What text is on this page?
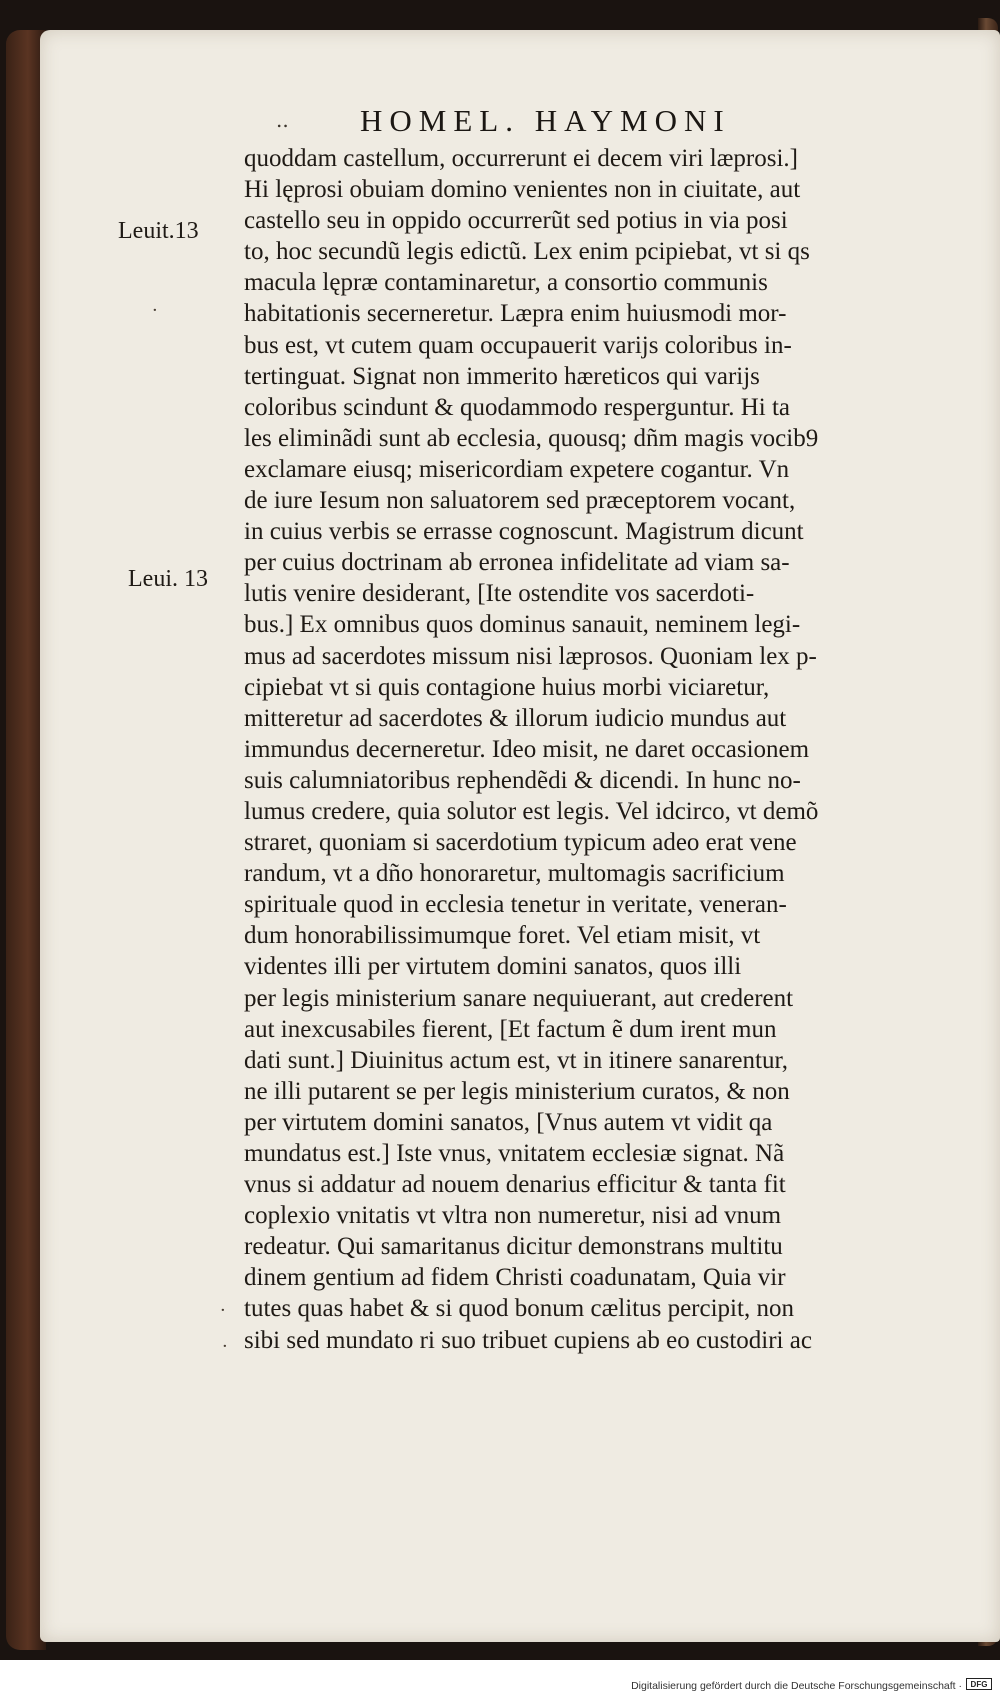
.. HOMEL. HAYMONI
Leuit.13
Leui. 13
·
·
·
quoddam castellum, occurrerunt ei decem viri læprosi.]
Hi lęprosi obuiam domino venientes non in ciuitate, aut
castello seu in oppido occurrerũt sed potius in via posi
to, hoc secundũ legis edictũ. Lex enim pcipiebat, vt si qs
macula lępræ contaminaretur, a consortio communis
habitationis secerneretur. Læpra enim huiusmodi mor-
bus est, vt cutem quam occupauerit varijs coloribus in-
tertinguat. Signat non immerito hæreticos qui varijs
coloribus scindunt & quodammodo resperguntur. Hi ta
les eliminãdi sunt ab ecclesia, quousq; dñm magis vocib9
exclamare eiusq; misericordiam expetere cogantur. Vn
de iure Iesum non saluatorem sed præceptorem vocant,
in cuius verbis se errasse cognoscunt. Magistrum dicunt
per cuius doctrinam ab erronea infidelitate ad viam sa-
lutis venire desiderant, [Ite ostendite vos sacerdoti-
bus.] Ex omnibus quos dominus sanauit, neminem legi-
mus ad sacerdotes missum nisi læprosos. Quoniam lex p-
cipiebat vt si quis contagione huius morbi viciaretur,
mitteretur ad sacerdotes & illorum iudicio mundus aut
immundus decerneretur. Ideo misit, ne daret occasionem
suis calumniatoribus rephendẽdi & dicendi. In hunc no-
lumus credere, quia solutor est legis. Vel idcirco, vt demõ
straret, quoniam si sacerdotium typicum adeo erat vene
randum, vt a dño honoraretur, multomagis sacrificium
spirituale quod in ecclesia tenetur in veritate, veneran-
dum honorabilissimumque foret. Vel etiam misit, vt
videntes illi per virtutem domini sanatos, quos illi
per legis ministerium sanare nequiuerant, aut crederent
aut inexcusabiles fierent, [Et factum ẽ dum irent mun
dati sunt.] Diuinitus actum est, vt in itinere sanarentur,
ne illi putarent se per legis ministerium curatos, & non
per virtutem domini sanatos, [Vnus autem vt vidit qa
mundatus est.] Iste vnus, vnitatem ecclesiæ signat. Nã
vnus si addatur ad nouem denarius efficitur & tanta fit
coplexio vnitatis vt vltra non numeretur, nisi ad vnum
redeatur. Qui samaritanus dicitur demonstrans multitu
dinem gentium ad fidem Christi coadunatam, Quia vir
tutes quas habet & si quod bonum cælitus percipit, non
sibi sed mundato ri suo tribuet cupiens ab eo custodiri ac
Digitalisierung gefördert durch die Deutsche Forschungsgemeinschaft ·	DFG
